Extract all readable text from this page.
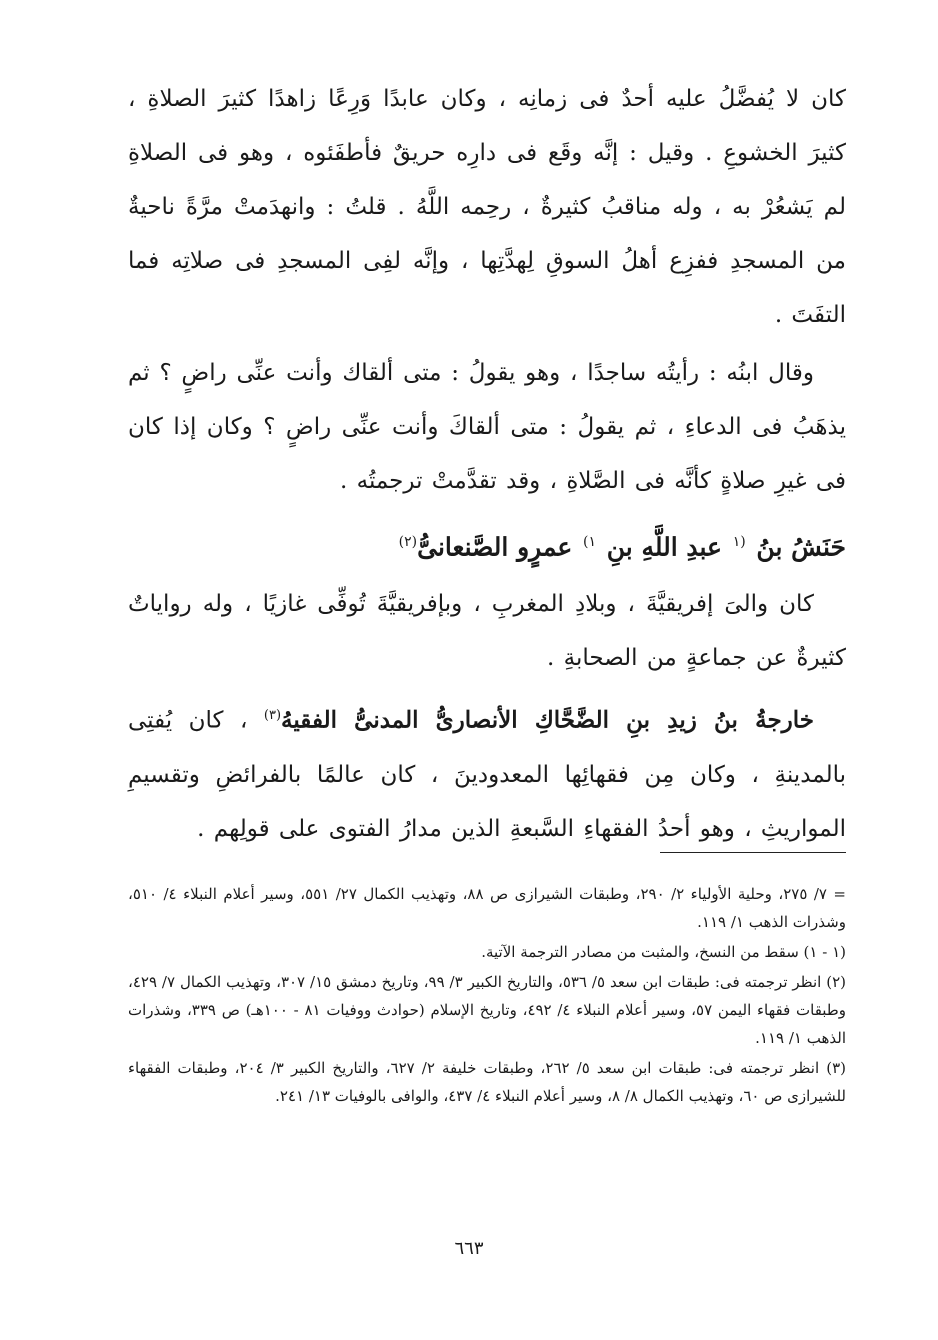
كان لا يُفضَّلُ عليه أحدٌ فى زمانِه ، وكان عابدًا وَرِعًا زاهدًا كثيرَ الصلاةِ ، كثيرَ الخشوعِ . وقيل : إنَّه وقَع فى دارِه حريقٌ فأطفَئوه ، وهو فى الصلاةِ لم يَشعُرْ به ، وله مناقبُ كثيرةٌ ، رحِمه اللَّهُ . قلتُ : وانهدَمتْ مرَّةً ناحيةٌ من المسجدِ ففزِع أهلُ السوقِ لِهدَّتِها ، وإنَّه لفِى المسجدِ فى صلاتِه فما التفَتَ .

وقال ابنُه : رأيتُه ساجدًا ، وهو يقولُ : متى ألقاك وأنت عنِّى راضٍ ؟ ثم يذهَبُ فى الدعاءِ ، ثم يقولُ : متى ألقاكَ وأنت عنِّى راضٍ ؟ وكان إذا كان فى غيرِ صلاةٍ كأنَّه فى الصَّلاةِ ، وقد تقدَّمتْ ترجمتُه .

حَنَشُ بنُ $^{(١}$ عبدِ اللَّهِ بنِ $^{١)}$ عمرٍو الصَّنعانىُّ$^{(٢)}$

كان والىَ إفريقيَّةَ ، وبلادِ المغربِ ، وبإفريقيَّةَ تُوفِّى غازيًا ، وله رواياتٌ كثيرةٌ عن جماعةٍ من الصحابةِ .

خارجةُ بنُ زيدِ بنِ الضَّحَّاكِ الأنصارىُّ المدنىُّ الفقيهُ$^{(٣)}$ ، كان يُفتِى بالمدينةِ ، وكان مِن فقهائِها المعدودينَ ، كان عالمًا بالفرائضِ وتقسيمِ المواريثِ ، وهو أحدُ الفقهاءِ السَّبعةِ الذين مدارُ الفتوى على قولِهم .

= ٧/ ٢٧٥، وحلية الأولياء ٢/ ٢٩٠، وطبقات الشيرازى ص ٨٨، وتهذيب الكمال ٢٧/ ٥٥١، وسير أعلام النبلاء ٤/ ٥١٠، وشذرات الذهب ١/ ١١٩.

(١ - ١) سقط من النسخ، والمثبت من مصادر الترجمة الآتية.

(٢) انظر ترجمته فى: طبقات ابن سعد ٥/ ٥٣٦، والتاريخ الكبير ٣/ ٩٩، وتاريخ دمشق ١٥/ ٣٠٧، وتهذيب الكمال ٧/ ٤٢٩، وطبقات فقهاء اليمن ٥٧، وسير أعلام النبلاء ٤/ ٤٩٢، وتاريخ الإسلام (حوادث ووفيات ٨١ - ١٠٠هـ) ص ٣٣٩، وشذرات الذهب ١/ ١١٩.

(٣) انظر ترجمته فى: طبقات ابن سعد ٥/ ٢٦٢، وطبقات خليفة ٢/ ٦٢٧، والتاريخ الكبير ٣/ ٢٠٤، وطبقات الفقهاء للشيرازى ص ٦٠، وتهذيب الكمال ٨/ ٨، وسير أعلام النبلاء ٤/ ٤٣٧، والوافى بالوفيات ١٣/ ٢٤١.

٦٦٣
